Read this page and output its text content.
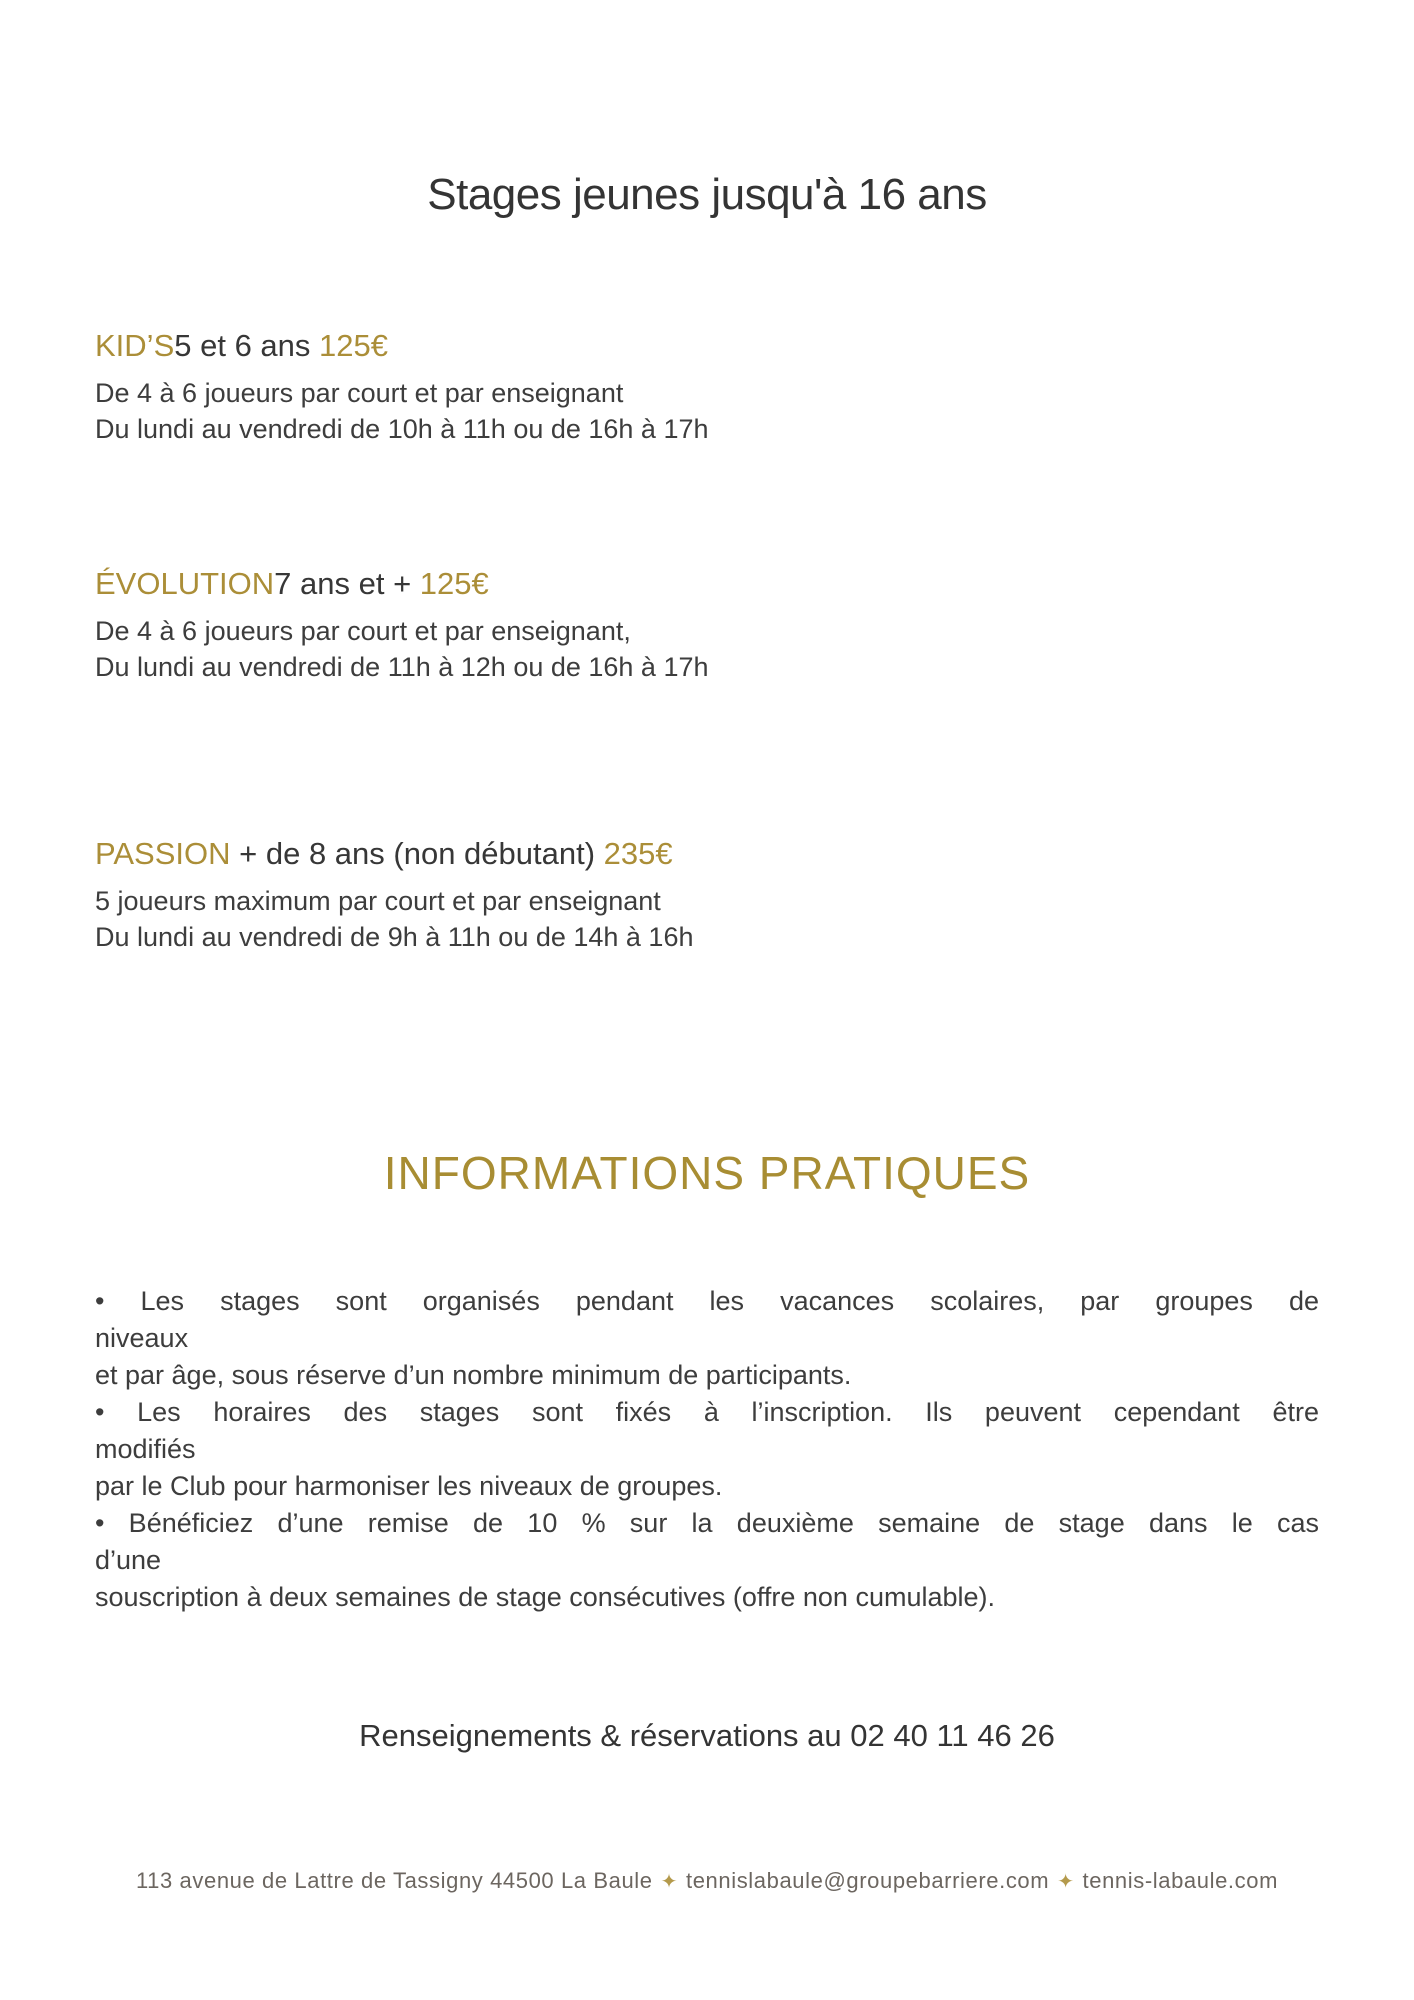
Stages jeunes jusqu'à 16 ans
KID’S5 et 6 ans 125€
De 4 à 6 joueurs par court et par enseignant
Du lundi au vendredi de 10h à 11h ou de 16h à 17h
ÉVOLUTION7 ans et + 125€
De 4 à 6 joueurs par court et par enseignant,
Du lundi au vendredi de 11h à 12h ou de 16h à 17h
PASSION + de 8 ans (non débutant) 235€
5 joueurs maximum par court et par enseignant
Du lundi au vendredi de 9h à 11h ou de 14h à 16h
INFORMATIONS PRATIQUES
• Les stages sont organisés pendant les vacances scolaires, par groupes de
niveaux
et par âge, sous réserve d’un nombre minimum de participants.
• Les horaires des stages sont fixés à l’inscription. Ils peuvent cependant être
modifiés
par le Club pour harmoniser les niveaux de groupes.
• Bénéficiez d’une remise de 10 % sur la deuxième semaine de stage dans le cas
d’une
souscription à deux semaines de stage consécutives (offre non cumulable).
Renseignements & réservations au 02 40 11 46 26
113 avenue de Lattre de Tassigny 44500 La Baule ✦ tennislabaule@groupebarriere.com ✦ tennis-labaule.com
